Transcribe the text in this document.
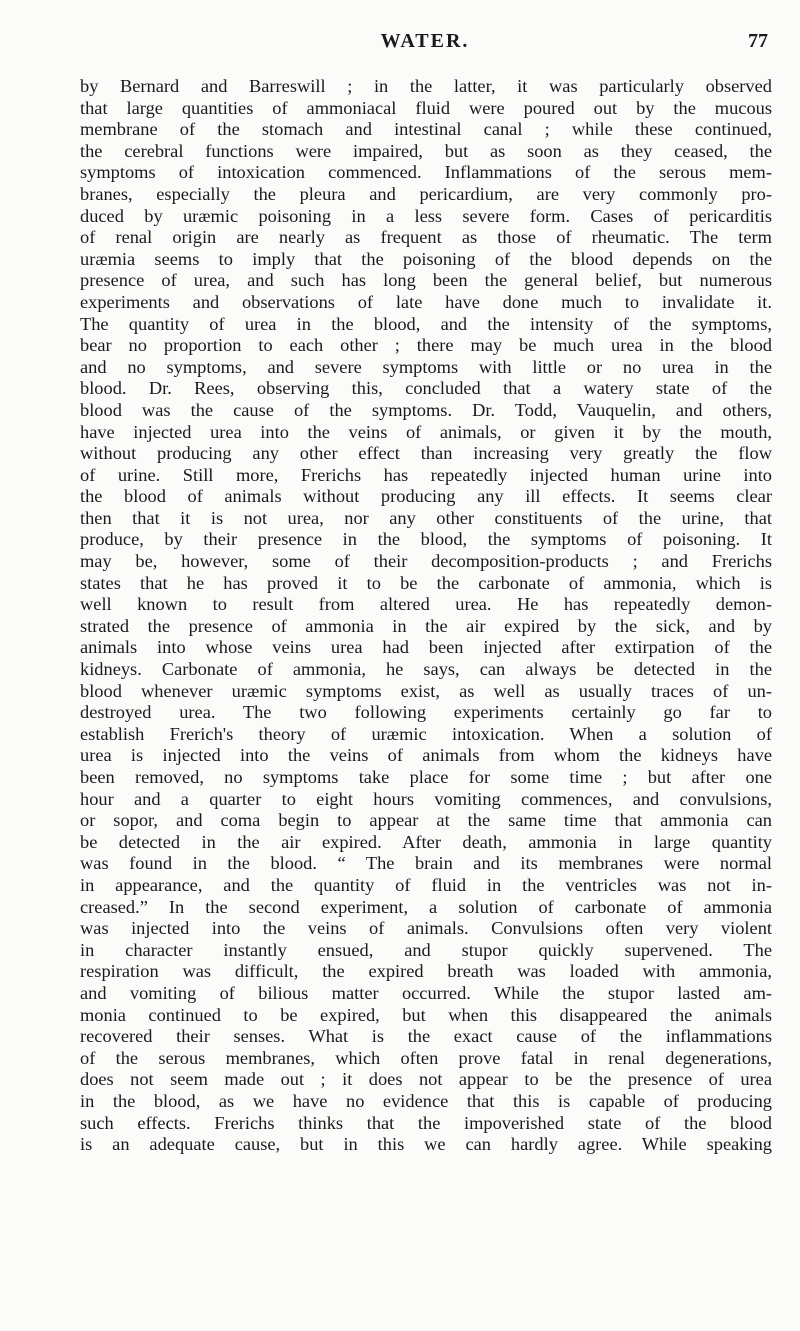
WATER.	77
by Bernard and Barreswill ; in the latter, it was particularly observed
that large quantities of ammoniacal fluid were poured out by the mucous
membrane of the stomach and intestinal canal ; while these continued,
the cerebral functions were impaired, but as soon as they ceased, the
symptoms of intoxication commenced. Inflammations of the serous mem-
branes, especially the pleura and pericardium, are very commonly pro-
duced by uræmic poisoning in a less severe form. Cases of pericarditis
of renal origin are nearly as frequent as those of rheumatic. The term
uræmia seems to imply that the poisoning of the blood depends on the
presence of urea, and such has long been the general belief, but numerous
experiments and observations of late have done much to invalidate it.
The quantity of urea in the blood, and the intensity of the symptoms,
bear no proportion to each other ; there may be much urea in the blood
and no symptoms, and severe symptoms with little or no urea in the
blood. Dr. Rees, observing this, concluded that a watery state of the
blood was the cause of the symptoms. Dr. Todd, Vauquelin, and others,
have injected urea into the veins of animals, or given it by the mouth,
without producing any other effect than increasing very greatly the flow
of urine. Still more, Frerichs has repeatedly injected human urine into
the blood of animals without producing any ill effects. It seems clear
then that it is not urea, nor any other constituents of the urine, that
produce, by their presence in the blood, the symptoms of poisoning. It
may be, however, some of their decomposition-products ; and Frerichs
states that he has proved it to be the carbonate of ammonia, which is
well known to result from altered urea. He has repeatedly demon-
strated the presence of ammonia in the air expired by the sick, and by
animals into whose veins urea had been injected after extirpation of the
kidneys. Carbonate of ammonia, he says, can always be detected in the
blood whenever uræmic symptoms exist, as well as usually traces of un-
destroyed urea. The two following experiments certainly go far to
establish Frerich's theory of uræmic intoxication. When a solution of
urea is injected into the veins of animals from whom the kidneys have
been removed, no symptoms take place for some time ; but after one
hour and a quarter to eight hours vomiting commences, and convulsions,
or sopor, and coma begin to appear at the same time that ammonia can
be detected in the air expired. After death, ammonia in large quantity
was found in the blood. “ The brain and its membranes were normal
in appearance, and the quantity of fluid in the ventricles was not in-
creased.” In the second experiment, a solution of carbonate of ammonia
was injected into the veins of animals. Convulsions often very violent
in character instantly ensued, and stupor quickly supervened. The
respiration was difficult, the expired breath was loaded with ammonia,
and vomiting of bilious matter occurred. While the stupor lasted am-
monia continued to be expired, but when this disappeared the animals
recovered their senses. What is the exact cause of the inflammations
of the serous membranes, which often prove fatal in renal degenerations,
does not seem made out ; it does not appear to be the presence of urea
in the blood, as we have no evidence that this is capable of producing
such effects. Frerichs thinks that the impoverished state of the blood
is an adequate cause, but in this we can hardly agree. While speaking
